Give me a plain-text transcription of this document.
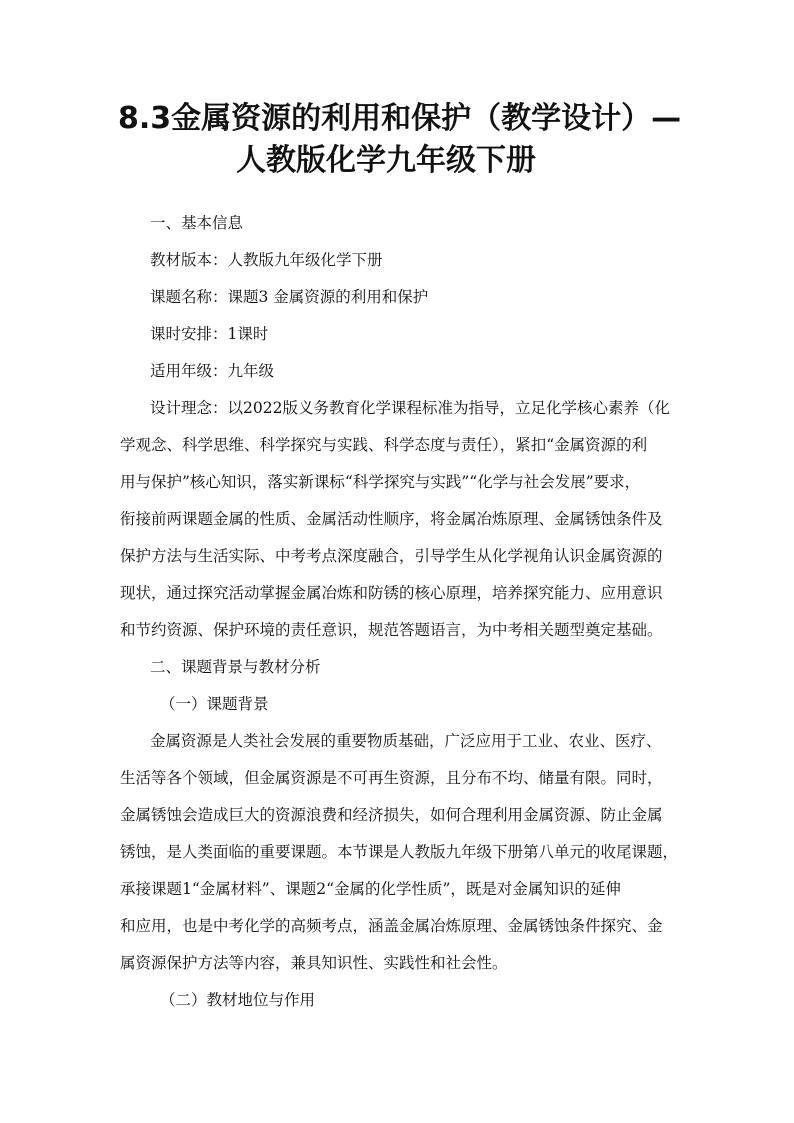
8.3金属资源的利用和保护（教学设计）—
人教版化学九年级下册
一、基本信息
教材版本：人教版九年级化学下册
课题名称：课题3 金属资源的利用和保护
课时安排：1课时
适用年级：九年级
设计理念：以2022版义务教育化学课程标准为指导，立足化学核心素养（化
学观念、科学思维、科学探究与实践、科学态度与责任），紧扣“金属资源的利
用与保护”核心知识，落实新课标“科学探究与实践”“化学与社会发展”要求，
衔接前两课题金属的性质、金属活动性顺序，将金属冶炼原理、金属锈蚀条件及
保护方法与生活实际、中考考点深度融合，引导学生从化学视角认识金属资源的
现状，通过探究活动掌握金属冶炼和防锈的核心原理，培养探究能力、应用意识
和节约资源、保护环境的责任意识，规范答题语言，为中考相关题型奠定基础。
二、课题背景与教材分析
（一）课题背景
金属资源是人类社会发展的重要物质基础，广泛应用于工业、农业、医疗、
生活等各个领域，但金属资源是不可再生资源，且分布不均、储量有限。同时，
金属锈蚀会造成巨大的资源浪费和经济损失，如何合理利用金属资源、防止金属
锈蚀，是人类面临的重要课题。本节课是人教版九年级下册第八单元的收尾课题，
承接课题1“金属材料”、课题2“金属的化学性质”，既是对金属知识的延伸
和应用，也是中考化学的高频考点，涵盖金属冶炼原理、金属锈蚀条件探究、金
属资源保护方法等内容，兼具知识性、实践性和社会性。
（二）教材地位与作用
